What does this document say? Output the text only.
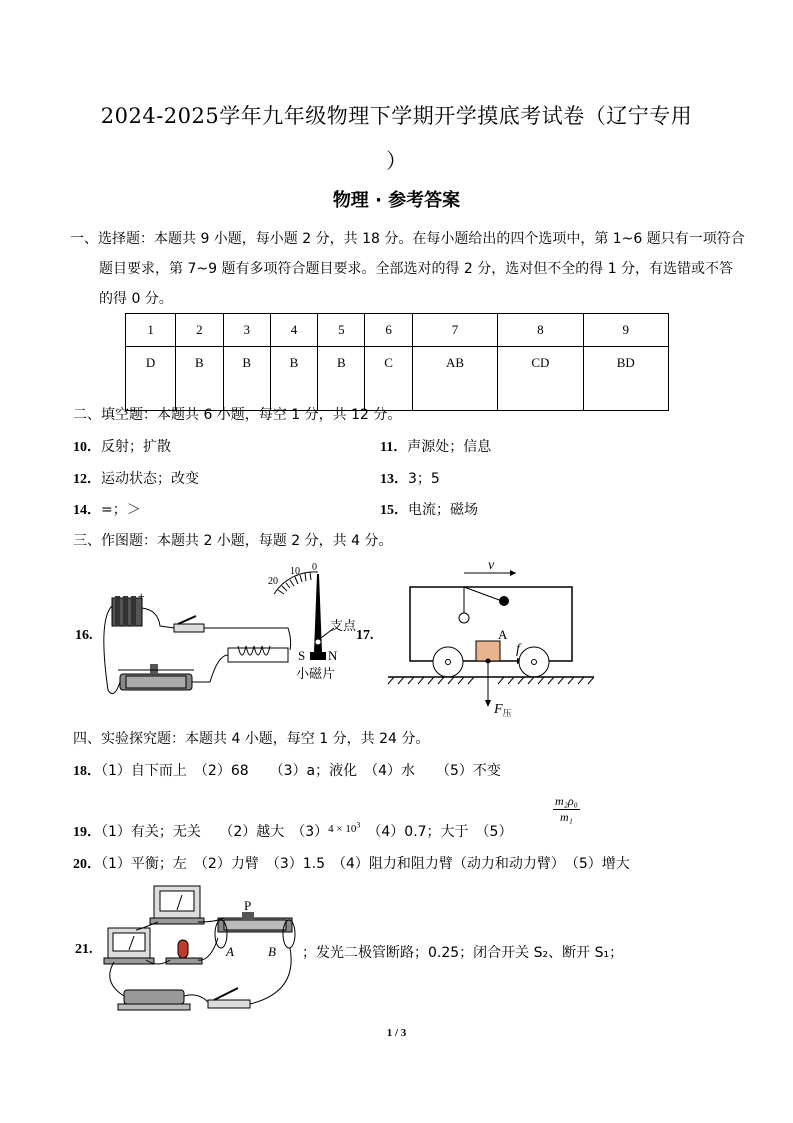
2024-2025学年九年级物理下学期开学摸底考试卷（辽宁专用
）
物理 · 参考答案
一、选择题：本题共 9 小题，每小题 2 分，共 18 分。在每小题给出的四个选项中，第 1~6 题只有一项符合
题目要求，第 7~9 题有多项符合题目要求。全部选对的得 2 分，选对但不全的得 1 分，有选错或不答
的得 0 分。
1	2	3	4	5	6	7	8	9
D	B	B	B	B	C	AB	CD	BD
二、填空题：本题共 6 小题，每空 1 分，共 12 分。
10．反射；扩散	11．声源处；信息
12．运动状态；改变	13．3；5
14．=；＞	15．电流；磁场
三、作图题：本题共 2 小题，每题 2 分，共 4 分。
16.
+
20
10 0
S N
支点
小磁片
17.
v
A
f
$F_压$
四、实验探究题：本题共 4 小题，每空 1 分，共 24 分。
18．（1）自下而上　（2）68　　（3）a；液化　（4）水　　（5）不变
19．（1）有关；无关　 （2）越大　$(3)^{4 \times 10^3}$　（4）0.7；大于　（5）
$\frac{\text{m₂ρ₀}}{\text{m₁}}$
20．（1）平衡；左　（2）力臂　（3）1.5　（4）阻力和阻力臂（动力和动力臂）　（5）增大
21.
P
A	B ；发光二极管断路；0.25；闭合开关 S₂、断开 S₁；
1 / 3
